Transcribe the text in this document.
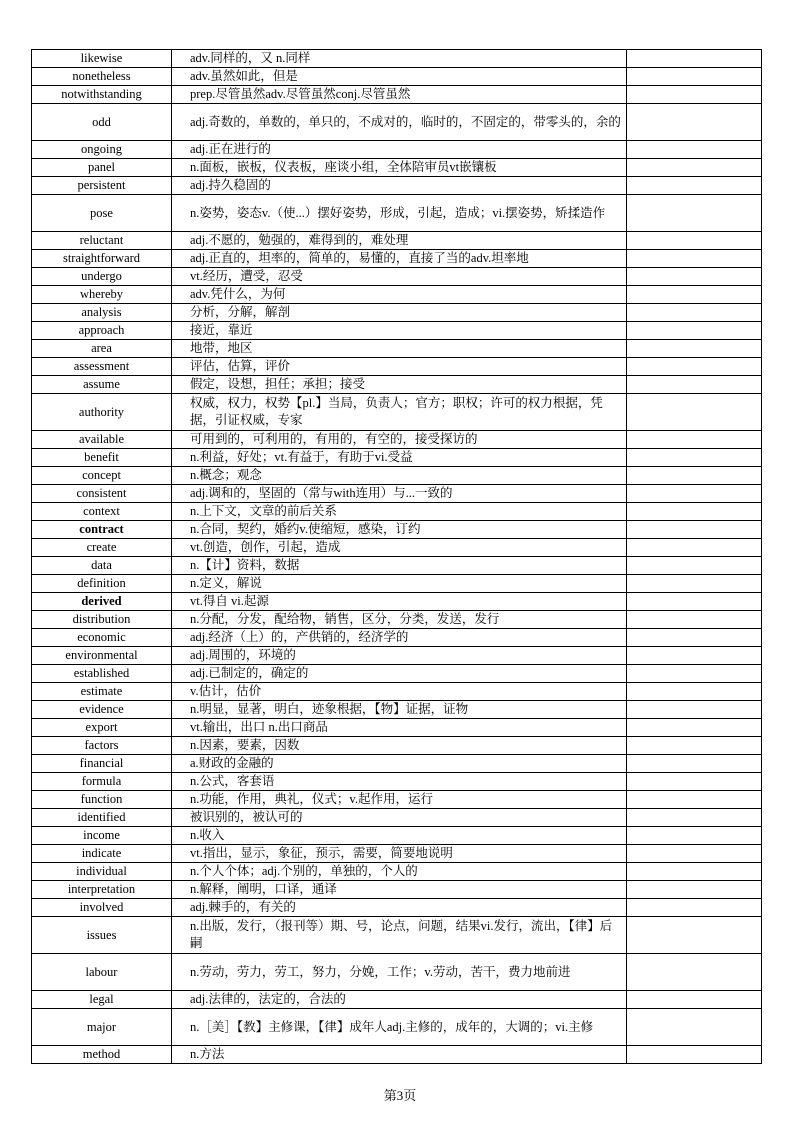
likewise	adv.同样的，又 n.同样	
nonetheless	adv.虽然如此，但是	
notwithstanding	prep.尽管虽然adv.尽管虽然conj.尽管虽然	
odd	adj.奇数的，单数的，单只的，不成对的，临时的，不固定的，带零头的，余的	
ongoing	adj.正在进行的	
panel	n.面板，嵌板，仪表板，座谈小组，全体陪审员vt嵌镶板	
persistent	adj.持久稳固的	
pose	n.姿势，姿态v.（使...）摆好姿势，形成，引起，造成；vi.摆姿势，矫揉造作	
reluctant	adj.不愿的，勉强的，难得到的，难处理	
straightforward	adj.正直的，坦率的，简单的，易懂的，直接了当的adv.坦率地	
undergo	vt.经历，遭受，忍受	
whereby	adv.凭什么，为何	
analysis	分析，分解，解剖	
approach	接近，靠近	
area	地带，地区	
assessment	评估，估算，评价	
assume	假定，设想，担任；承担；接受	
authority	权威，权力，权势【pl.】当局，负责人；官方；职权；许可的权力根据，凭据，引证权威，专家	
available	可用到的，可利用的，有用的，有空的，接受探访的	
benefit	n.利益，好处；vt.有益于，有助于vi.受益	
concept	n.概念；观念	
consistent	adj.调和的，坚固的（常与with连用）与...一致的	
context	n.上下文，文章的前后关系	
contract	n.合同，契约，婚约v.使缩短，感染，订约	
create	vt.创造，创作，引起，造成	
data	n.【计】资料，数据	
definition	n.定义，解说	
derived	vt.得自 vi.起源	
distribution	n.分配，分发，配给物，销售，区分，分类，发送，发行	
economic	adj.经济（上）的，产供销的，经济学的	
environmental	adj.周围的，环境的	
established	adj.已制定的，确定的	
estimate	v.估计，估价	
evidence	n.明显，显著，明白，迹象根据，【物】证据，证物	
export	vt.输出，出口 n.出口商品	
factors	n.因素，要素，因数	
financial	a.财政的金融的	
formula	n.公式，客套语	
function	n.功能，作用，典礼，仪式；v.起作用，运行	
identified	被识别的，被认可的	
income	n.收入	
indicate	vt.指出，显示，象征，预示，需要，简要地说明	
individual	n.个人个体；adj.个别的，单独的，个人的	
interpretation	n.解释，阐明，口译，通译	
involved	adj.棘手的，有关的	
issues	n.出版，发行，（报刊等）期、号，论点，问题，结果vi.发行，流出，【律】后嗣	
labour	n.劳动，劳力，劳工，努力，分娩，工作；v.劳动，苦干，费力地前进	
legal	adj.法律的，法定的，合法的	
major	n.［美］【教】主修课，【律】成年人adj.主修的，成年的，大调的；vi.主修	
method	n.方法	
第3页
